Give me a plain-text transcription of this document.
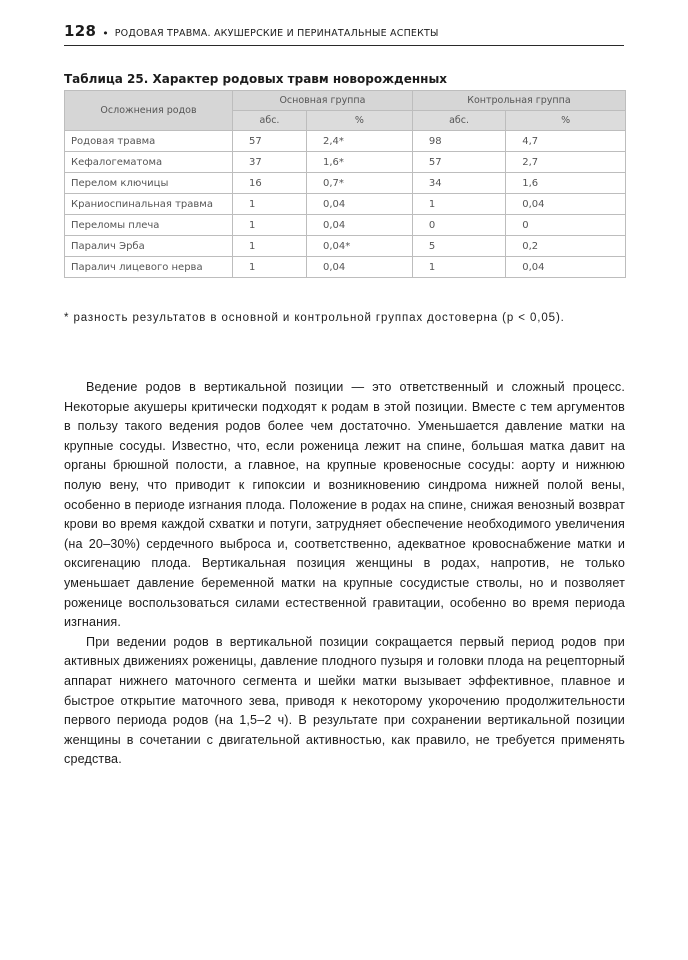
128 • РОДОВАЯ ТРАВМА. АКУШЕРСКИЕ И ПЕРИНАТАЛЬНЫЕ АСПЕКТЫ
Таблица 25. Характер родовых травм новорожденных
Осложнения родов	Основная группа		Контрольная группа	
	абс.	%	абс.	%
Родовая травма	57	2,4*	98	4,7
Кефалогематома	37	1,6*	57	2,7
Перелом ключицы	16	0,7*	34	1,6
Краниоспинальная травма	1	0,04	1	0,04
Переломы плеча	1	0,04	0	0
Паралич Эрба	1	0,04*	5	0,2
Паралич лицевого нерва	1	0,04	1	0,04
* разность результатов в основной и контрольной группах достоверна (p < 0,05).

Ведение родов в вертикальной позиции — это ответственный и сложный процесс. Некоторые акушеры критически подходят к родам в этой позиции. Вместе с тем аргументов в пользу такого ведения родов более чем достаточно. Уменьшается давление матки на крупные сосуды. Известно, что, если роженица лежит на спине, большая матка давит на органы брюшной полости, а главное, на крупные кровеносные сосуды: аорту и нижнюю полую вену, что приводит к гипоксии и возникновению синдрома нижней полой вены, особенно в периоде изгнания плода. Положение в родах на спине, снижая венозный возврат крови во время каждой схватки и потуги, затрудняет обеспечение необходимого увеличения (на 20–30%) сердечного выброса и, соответственно, адекватное кровоснабжение матки и оксигенацию плода. Вертикальная позиция женщины в родах, напротив, не только уменьшает давление беременной матки на крупные сосудистые стволы, но и позволяет роженице воспользоваться силами естественной гравитации, особенно во время периода изгнания.

При ведении родов в вертикальной позиции сокращается первый период родов при активных движениях роженицы, давление плодного пузыря и головки плода на рецепторный аппарат нижнего маточного сегмента и шейки матки вызывает эффективное, плавное и быстрое открытие маточного зева, приводя к некоторому укорочению продолжительности первого периода родов (на 1,5–2 ч). В результате при сохранении вертикальной позиции женщины в сочетании с двигательной активностью, как правило, не требуется применять средства.
